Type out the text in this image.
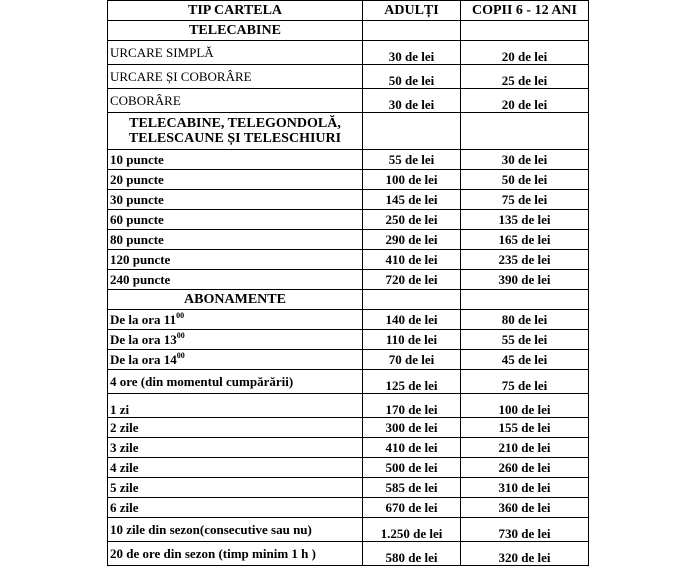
TIP CARTELA	ADULȚI	COPII 6 - 12 ANI
TELECABINE		
URCARE SIMPLĂ	30 de lei	20 de lei
URCARE ȘI COBORÂRE	50 de lei	25 de lei
COBORÂRE	30 de lei	20 de lei
TELECABINE, TELEGONDOLĂ, TELESCAUNE ȘI TELESCHIURI		
10 puncte	55 de lei	30 de lei
20 puncte	100 de lei	50 de lei
30 puncte	145 de lei	75 de lei
60 puncte	250 de lei	135 de lei
80 puncte	290 de lei	165 de lei
120 puncte	410 de lei	235 de lei
240 puncte	720 de lei	390 de lei
ABONAMENTE		
De la ora $11^{00}$	140 de lei	80 de lei
De la ora $13^{00}$	110 de lei	55 de lei
De la ora $14^{00}$	70 de lei	45 de lei
4 ore (din momentul cumpărării)	125 de lei	75 de lei
1 zi	170 de lei	100 de lei
2 zile	300 de lei	155 de lei
3 zile	410 de lei	210 de lei
4 zile	500 de lei	260 de lei
5 zile	585 de lei	310 de lei
6 zile	670 de lei	360 de lei
10 zile din sezon(consecutive sau nu)	1.250 de lei	730 de lei
20 de ore din sezon (timp minim 1 h )	580 de lei	320 de lei
